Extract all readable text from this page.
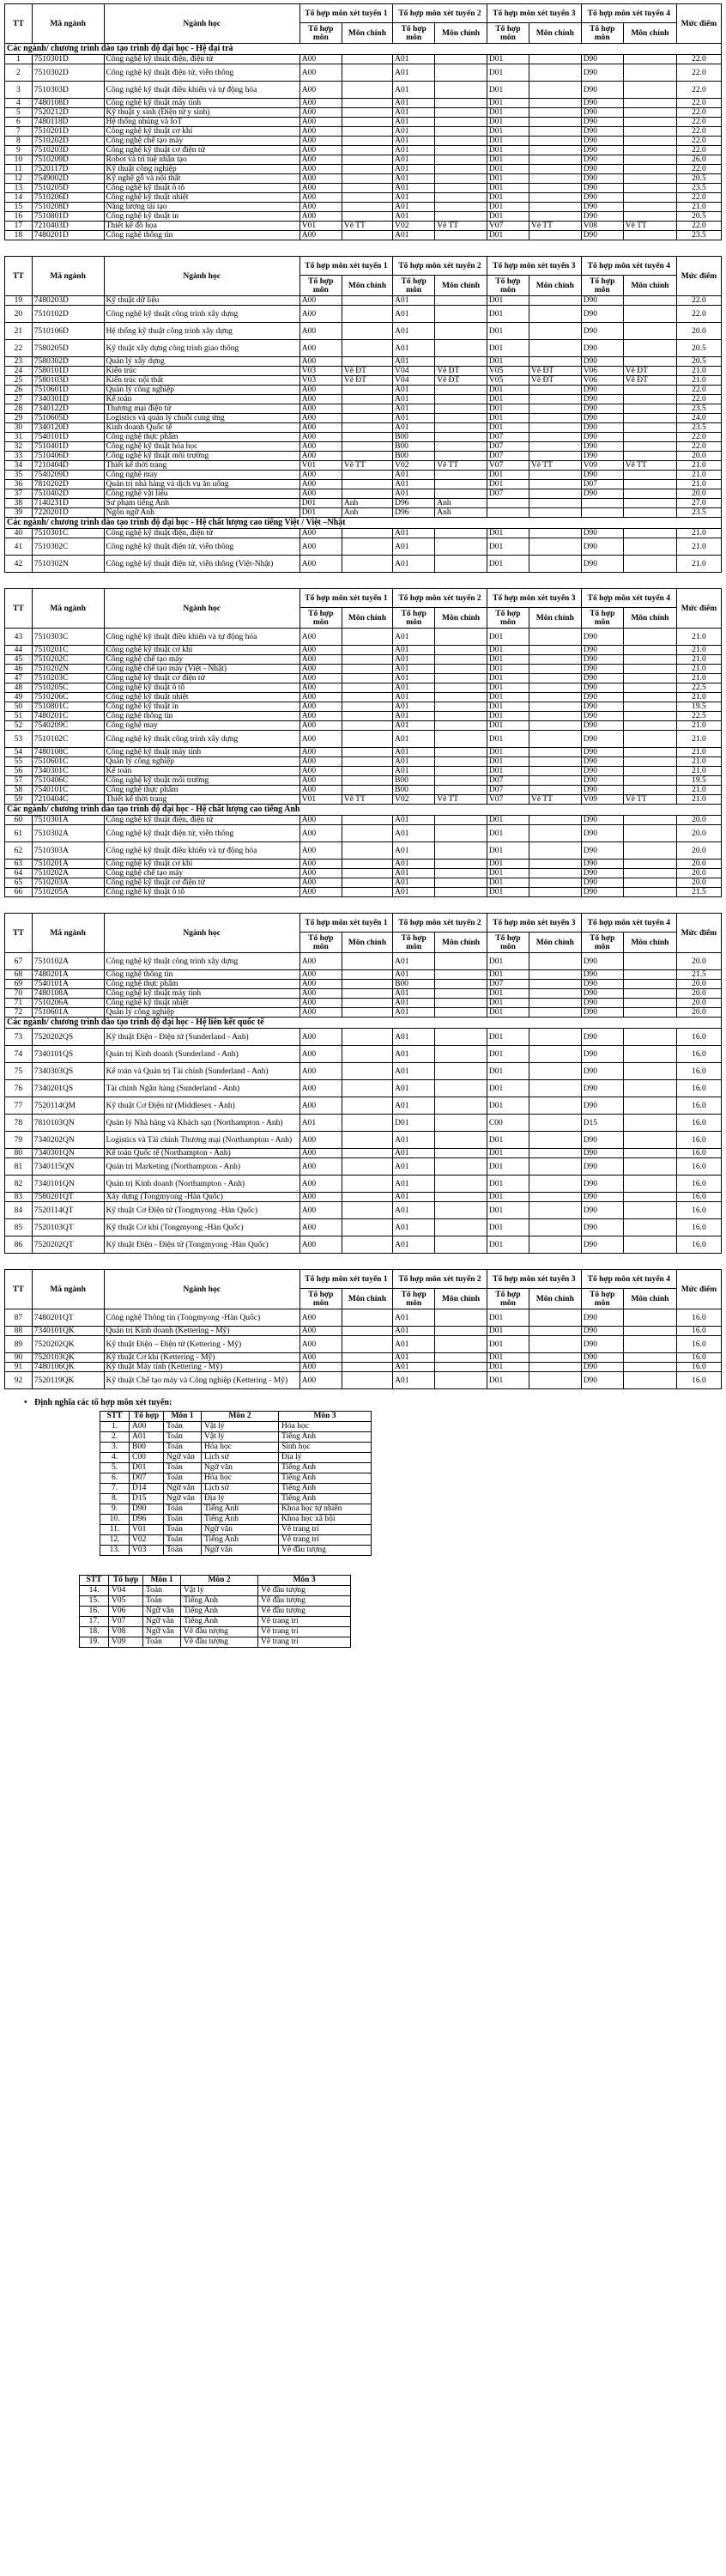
TT	Mã ngành	Ngành học	Tổ hợp môn xét tuyển 1		Tổ hợp môn xét tuyển 2		Tổ hợp môn xét tuyển 3		Tổ hợp môn xét tuyển 4		Mức điểm
			Tổ hợp môn	Môn chính	Tổ hợp môn	Môn chính	Tổ hợp môn	Môn chính	Tổ hợp môn	Môn chính	
Các ngành/ chương trình đào tạo trình độ đại học - Hệ đại trà											
1	7510301D	Công nghệ kỹ thuật điện, điện tử	A00		A01		D01		D90		22.0
2	7510302D	Công nghệ kỹ thuật điện tử, viễn thông	A00		A01		D01		D90		22.0
3	7510303D	Công nghệ kỹ thuật điều khiển và tự động hóa	A00		A01		D01		D90		22.0
4	7480108D	Công nghệ kỹ thuật máy tính	A00		A01		D01		D90		22.0
5	7520212D	Kỹ thuật y sinh (Điện tử y sinh)	A00		A01		D01		D90		22.0
6	7480118D	Hệ thống nhúng và IoT	A00		A01		D01		D90		22.0
7	7510201D	Công nghệ kỹ thuật cơ khí	A00		A01		D01		D90		22.0
8	7510202D	Công nghệ chế tạo máy	A00		A01		D01		D90		22.0
9	7510203D	Công nghệ kỹ thuật cơ điện tử	A00		A01		D01		D90		22.0
10	7510209D	Robot và trí tuệ nhân tạo	A00		A01		D01		D90		26.0
11	7520117D	Kỹ thuật công nghiệp	A00		A01		D01		D90		22.0
12	7549002D	Kỹ nghệ gỗ và nội thất	A00		A01		D01		D90		20.5
13	7510205D	Công nghệ kỹ thuật ô tô	A00		A01		D01		D90		23.5
14	7510206D	Công nghệ kỹ thuật nhiệt	A00		A01		D01		D90		22.0
15	7510208D	Năng lượng tái tạo	A00		A01		D01		D90		21.0
16	7510801D	Công nghệ kỹ thuật in	A00		A01		D01		D90		20.5
17	7210403D	Thiết kế đồ họa	V01	Vẽ TT	V02	Vẽ TT	V07	Vẽ TT	V08	Vẽ TT	22.0
18	7480201D	Công nghệ thông tin	A00		A01		D01		D90		23.5
TT	Mã ngành	Ngành học	Tổ hợp môn xét tuyển 1		Tổ hợp môn xét tuyển 2		Tổ hợp môn xét tuyển 3		Tổ hợp môn xét tuyển 4		Mức điểm
			Tổ hợp môn	Môn chính	Tổ hợp môn	Môn chính	Tổ hợp môn	Môn chính	Tổ hợp môn	Môn chính	
19	7480203D	Kỹ thuật dữ liệu	A00		A01		D01		D90		22.0
20	7510102D	Công nghệ kỹ thuật công trình xây dựng	A00		A01		D01		D90		22.0
21	7510106D	Hệ thống kỹ thuật công trình xây dựng	A00		A01		D01		D90		20.0
22	7580205D	Kỹ thuật xây dựng công trình giao thông	A00		A01		D01		D90		20.5
23	7580302D	Quản lý xây dựng	A00		A01		D01		D90		20.5
24	7580101D	Kiến trúc	V03	Vẽ ĐT	V04	Vẽ ĐT	V05	Vẽ ĐT	V06	Vẽ ĐT	21.0
25	7580103D	Kiến trúc nội thất	V03	Vẽ ĐT	V04	Vẽ ĐT	V05	Vẽ ĐT	V06	Vẽ ĐT	21.0
26	7510601D	Quản lý công nghiệp	A00		A01		D01		D90		22.0
27	7340301D	Kế toán	A00		A01		D01		D90		22.0
28	7340122D	Thương mại điện tử	A00		A01		D01		D90		23.5
29	7510605D	Logistics và quản lý chuỗi cung ứng	A00		A01		D01		D90		24.0
30	7340120D	Kinh doanh Quốc tế	A00		A01		D01		D90		23.5
31	7540101D	Công nghệ thực phẩm	A00		B00		D07		D90		22.0
32	7510401D	Công nghệ kỹ thuật hóa học	A00		B00		D07		D90		22.0
33	7510406D	Công nghệ kỹ thuật môi trường	A00		B00		D07		D90		20.0
34	7210404D	Thiết kế thời trang	V01	Vẽ TT	V02	Vẽ TT	V07	Vẽ TT	V09	Vẽ TT	21.0
35	7540209D	Công nghệ may	A00		A01		D01		D90		21.0
36	7810202D	Quản trị nhà hàng và dịch vụ ăn uống	A00		A01		D01		D07		21.0
37	7510402D	Công nghệ vật liệu	A00		A01		D07		D90		20.0
38	7140231D	Sư phạm tiếng Anh	D01	Anh	D96	Anh					27.0
39	7220201D	Ngôn ngữ Anh	D01	Anh	D96	Anh					23.5
Các ngành/ chương trình đào tạo trình độ đại học - Hệ chất lượng cao tiếng Việt / Việt –Nhật											
40	7510301C	Công nghệ kỹ thuật điện, điện tử	A00		A01		D01		D90		21.0
41	7510302C	Công nghệ kỹ thuật điện tử, viễn thông	A00		A01		D01		D90		21.0
42	7510302N	Công nghệ kỹ thuật điện tử, viễn thông (Việt-Nhật)	A00		A01		D01		D90		21.0
TT	Mã ngành	Ngành học	Tổ hợp môn xét tuyển 1		Tổ hợp môn xét tuyển 2		Tổ hợp môn xét tuyển 3		Tổ hợp môn xét tuyển 4		Mức điểm
			Tổ hợp môn	Môn chính	Tổ hợp môn	Môn chính	Tổ hợp môn	Môn chính	Tổ hợp môn	Môn chính	
43	7510303C	Công nghệ kỹ thuật điều khiển và tự động hóa	A00		A01		D01		D90		21.0
44	7510201C	Công nghệ kỹ thuật cơ khí	A00		A01		D01		D90		21.0
45	7510202C	Công nghệ chế tạo máy	A00		A01		D01		D90		21.0
46	7510202N	Công nghệ chế tạo máy (Việt - Nhật)	A00		A01		D01		D90		21.0
47	7510203C	Công nghệ kỹ thuật cơ điện tử	A00		A01		D01		D90		21.0
48	7510205C	Công nghệ kỹ thuật ô tô	A00		A01		D01		D90		22.5
49	7510206C	Công nghệ kỹ thuật nhiệt	A00		A01		D01		D90		21.0
50	7510801C	Công nghệ kỹ thuật in	A00		A01		D01		D90		19.5
51	7480201C	Công nghệ thông tin	A00		A01		D01		D90		22.5
52	7540209C	Công nghệ may	A00		A01		D01		D90		21.0
53	7510102C	Công nghệ kỹ thuật công trình xây dựng	A00		A01		D01		D90		21.0
54	7480108C	Công nghệ kỹ thuật máy tính	A00		A01		D01		D90		21.0
55	7510601C	Quản lý công nghiệp	A00		A01		D01		D90		21.0
56	7340301C	Kế toán	A00		A01		D01		D90		21.0
57	7510406C	Công nghệ kỹ thuật môi trường	A00		B00		D07		D90		19.5
58	7540101C	Công nghệ thực phẩm	A00		B00		D07		D90		21.0
59	7210404C	Thiết kế thời trang	V01	Vẽ TT	V02	Vẽ TT	V07	Vẽ TT	V09	Vẽ TT	21.0
Các ngành/ chương trình đào tạo trình độ đại học - Hệ chất lượng cao tiếng Anh											
60	7510301A	Công nghệ kỹ thuật điện, điện tử	A00		A01		D01		D90		20.0
61	7510302A	Công nghệ kỹ thuật điện tử, viễn thông	A00		A01		D01		D90		20.0
62	7510303A	Công nghệ kỹ thuật điều khiển và tự động hóa	A00		A01		D01		D90		20.0
63	7510201A	Công nghệ kỹ thuật cơ khí	A00		A01		D01		D90		20.0
64	7510202A	Công nghệ chế tạo máy	A00		A01		D01		D90		20.0
65	7510203A	Công nghệ kỹ thuật cơ điện tử	A00		A01		D01		D90		20.0
66	7510205A	Công nghệ kỹ thuật ô tô	A00		A01		D01		D90		21.5
TT	Mã ngành	Ngành học	Tổ hợp môn xét tuyển 1		Tổ hợp môn xét tuyển 2		Tổ hợp môn xét tuyển 3		Tổ hợp môn xét tuyển 4		Mức điểm
			Tổ hợp môn	Môn chính	Tổ hợp môn	Môn chính	Tổ hợp môn	Môn chính	Tổ hợp môn	Môn chính	
67	7510102A	Công nghệ kỹ thuật công trình xây dựng	A00		A01		D01		D90		20.0
68	7480201A	Công nghệ thông tin	A00		A01		D01		D90		21.5
69	7540101A	Công nghệ thực phẩm	A00		B00		D07		D90		20.0
70	7480108A	Công nghệ kỹ thuật máy tính	A00		A01		D01		D90		20.0
71	7510206A	Công nghệ kỹ thuật nhiệt	A00		A01		D01		D90		20.0
72	7510601A	Quản lý công nghiệp	A00		A01		D01		D90		20.0
Các ngành/ chương trình đào tạo trình độ đại học - Hệ liên kết quốc tế											
73	7520202QS	Kỹ thuật Điện - Điện tử (Sunderland - Anh)	A00		A01		D01		D90		16.0
74	7340101QS	Quản trị Kinh doanh (Sunderland - Anh)	A00		A01		D01		D90		16.0
75	7340303QS	Kế toán và Quản trị Tài chính (Sunderland - Anh)	A00		A01		D01		D90		16.0
76	7340201QS	Tài chính Ngân hàng (Sunderland - Anh)	A00		A01		D01		D90		16.0
77	7520114QM	Kỹ thuật Cơ Điện tử (Middlesex - Anh)	A00		A01		D01		D90		16.0
78	7810103QN	Quản lý Nhà hàng và Khách sạn (Northampton - Anh)	A01		D01		C00		D15		16.0
79	7340202QN	Logistics và Tài chính Thương mại (Northampton - Anh)	A00		A01		D01		D90		16.0
80	7340301QN	Kế toán Quốc tế (Northampton - Anh)	A00		A01		D01		D90		16.0
81	7340115QN	Quản trị Marketing (Northampton - Anh)	A00		A01		D01		D90		16.0
82	7340101QN	Quản trị Kinh doanh (Northampton - Anh)	A00		A01		D01		D90		16.0
83	7580201QT	Xây dựng (Tongmyong -Hàn Quốc)	A00		A01		D01		D90		16.0
84	7520114QT	Kỹ thuật Cơ Điện tử (Tongmyong -Hàn Quốc)	A00		A01		D01		D90		16.0
85	7520103QT	Kỹ thuật Cơ khí (Tongmyong -Hàn Quốc)	A00		A01		D01		D90		16.0
86	7520202QT	Kỹ thuật Điện - Điện tử (Tongmyong -Hàn Quốc)	A00		A01		D01		D90		16.0
TT	Mã ngành	Ngành học	Tổ hợp môn xét tuyển 1		Tổ hợp môn xét tuyển 2		Tổ hợp môn xét tuyển 3		Tổ hợp môn xét tuyển 4		Mức điểm
			Tổ hợp môn	Môn chính	Tổ hợp môn	Môn chính	Tổ hợp môn	Môn chính	Tổ hợp môn	Môn chính	
87	7480201QT	Công nghệ Thông tin (Tongmyong -Hàn Quốc)	A00		A01		D01		D90		16.0
88	7340101QK	Quản trị Kinh doanh (Kettering - Mỹ)	A00		A01		D01		D90		16.0
89	7520202QK	Kỹ thuật Điện – Điện tử (Kettering - Mỹ)	A00		A01		D01		D90		16.0
90	7520103QK	Kỹ thuật Cơ khí (Kettering - Mỹ)	A00		A01		D01		D90		16.0
91	7480106QK	Kỹ thuật Máy tính (Kettering - Mỹ)	A00		A01		D01		D90		16.0
92	7520119QK	Kỹ thuật Chế tạo máy và Công nghiệp (Kettering - Mỹ)	A00		A01		D01		D90		16.0
• Định nghĩa các tổ hợp môn xét tuyển:
STT	Tổ hợp	Môn 1	Môn 2	Môn 3
1.	A00	Toán	Vật lý	Hóa học
2.	A01	Toán	Vật lý	Tiếng Anh
3.	B00	Toán	Hóa học	Sinh học
4.	C00	Ngữ văn	Lịch sử	Địa lý
5.	D01	Toán	Ngữ văn	Tiếng Anh
6.	D07	Toán	Hóa học	Tiếng Anh
7.	D14	Ngữ văn	Lịch sử	Tiếng Anh
8.	D15	Ngữ văn	Địa lý	Tiếng Anh
9.	D90	Toán	Tiếng Anh	Khoa học tự nhiên
10.	D96	Toán	Tiếng Anh	Khoa học xã hội
11.	V01	Toán	Ngữ văn	Vẽ trang trí
12.	V02	Toán	Tiếng Anh	Vẽ trang trí
13.	V03	Toán	Ngữ văn	Vẽ đầu tượng
STT	Tổ hợp	Môn 1	Môn 2	Môn 3
14.	V04	Toán	Vật lý	Vẽ đầu tượng
15.	V05	Toán	Tiếng Anh	Vẽ đầu tượng
16.	V06	Ngữ văn	Tiếng Anh	Vẽ đầu tượng
17.	V07	Ngữ văn	Tiếng Anh	Vẽ trang trí
18.	V08	Ngữ văn	Vẽ đầu tượng	Vẽ trang trí
19.	V09	Toán	Vẽ đầu tượng	Vẽ trang trí
